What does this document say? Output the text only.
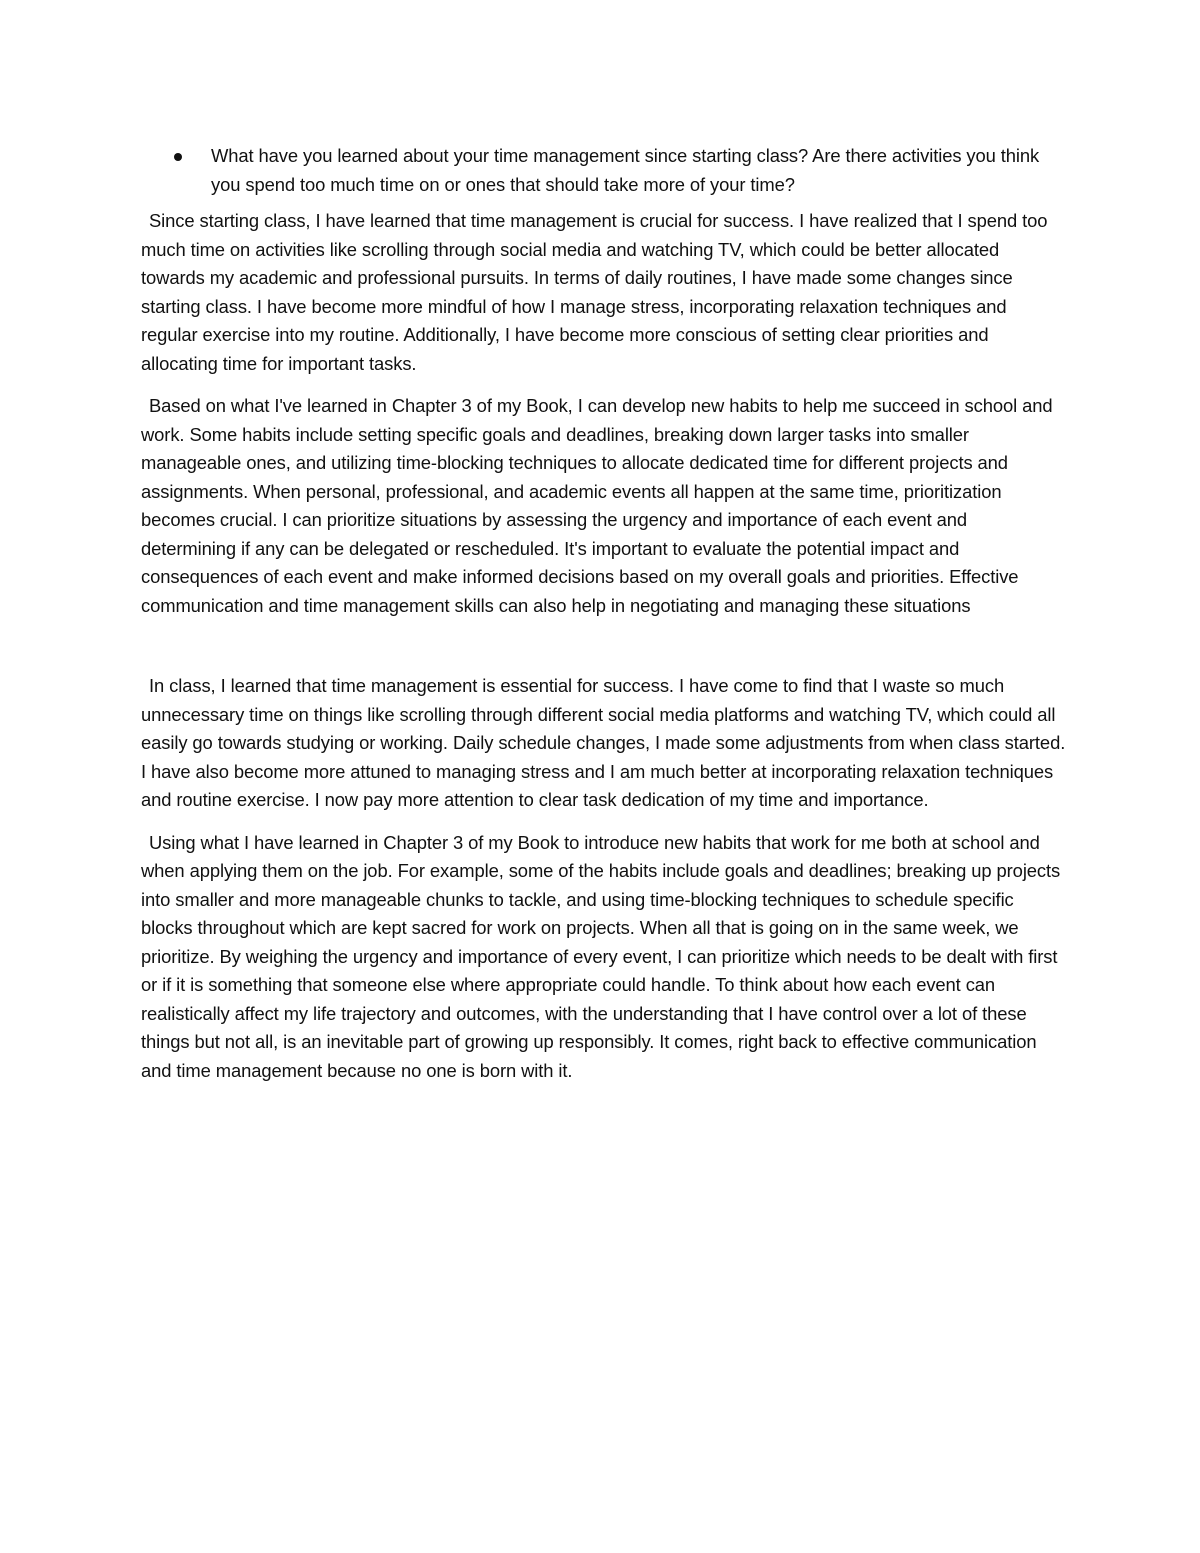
What have you learned about your time management since starting class? Are there activities you think you spend too much time on or ones that should take more of your time?

Since starting class, I have learned that time management is crucial for success. I have realized that I spend too much time on activities like scrolling through social media and watching TV, which could be better allocated towards my academic and professional pursuits. In terms of daily routines, I have made some changes since starting class. I have become more mindful of how I manage stress, incorporating relaxation techniques and regular exercise into my routine. Additionally, I have become more conscious of setting clear priorities and allocating time for important tasks.

Based on what I've learned in Chapter 3 of my Book, I can develop new habits to help me succeed in school and work. Some habits include setting specific goals and deadlines, breaking down larger tasks into smaller manageable ones, and utilizing time-blocking techniques to allocate dedicated time for different projects and assignments. When personal, professional, and academic events all happen at the same time, prioritization becomes crucial. I can prioritize situations by assessing the urgency and importance of each event and determining if any can be delegated or rescheduled. It's important to evaluate the potential impact and consequences of each event and make informed decisions based on my overall goals and priorities. Effective communication and time management skills can also help in negotiating and managing these situations

In class, I learned that time management is essential for success. I have come to find that I waste so much unnecessary time on things like scrolling through different social media platforms and watching TV, which could all easily go towards studying or working. Daily schedule changes, I made some adjustments from when class started. I have also become more attuned to managing stress and I am much better at incorporating relaxation techniques and routine exercise. I now pay more attention to clear task dedication of my time and importance.

Using what I have learned in Chapter 3 of my Book to introduce new habits that work for me both at school and when applying them on the job. For example, some of the habits include goals and deadlines; breaking up projects into smaller and more manageable chunks to tackle, and using time-blocking techniques to schedule specific blocks throughout which are kept sacred for work on projects. When all that is going on in the same week, we prioritize. By weighing the urgency and importance of every event, I can prioritize which needs to be dealt with first or if it is something that someone else where appropriate could handle. To think about how each event can realistically affect my life trajectory and outcomes, with the understanding that I have control over a lot of these things but not all, is an inevitable part of growing up responsibly. It comes, right back to effective communication and time management because no one is born with it.
